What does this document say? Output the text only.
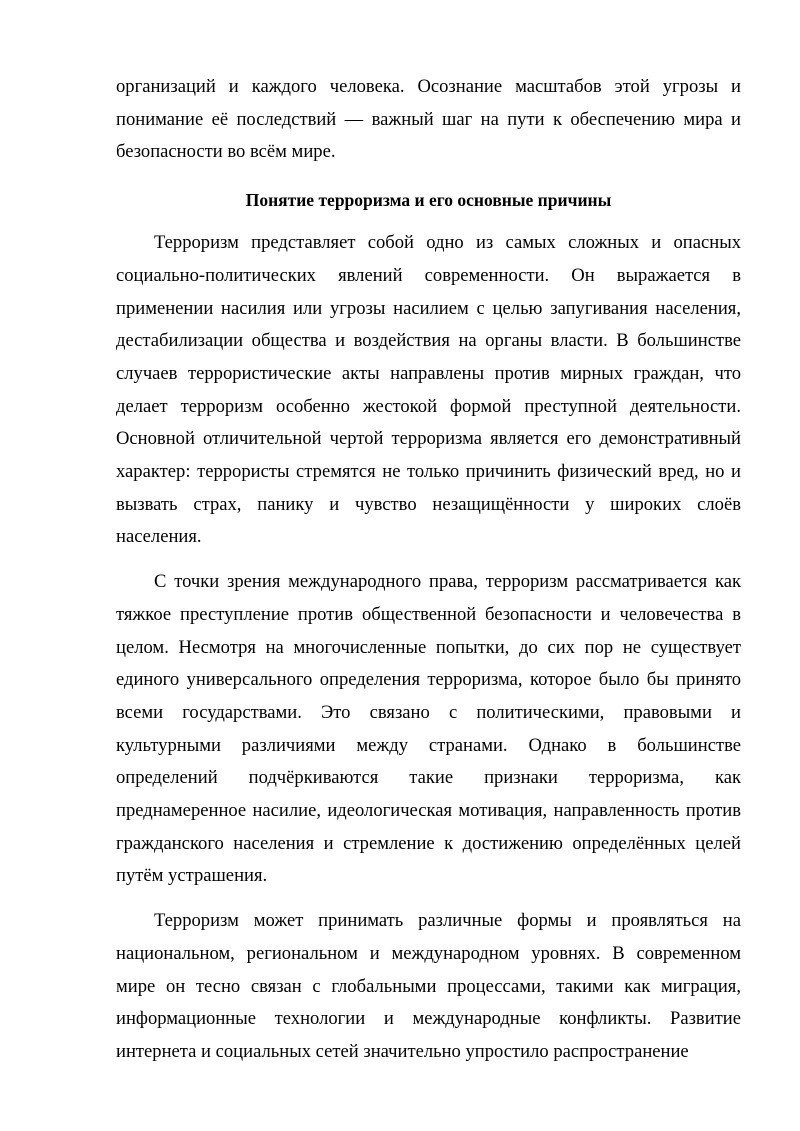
организаций и каждого человека. Осознание масштабов этой угрозы и понимание её последствий — важный шаг на пути к обеспечению мира и безопасности во всём мире.

Понятие терроризма и его основные причины

Терроризм представляет собой одно из самых сложных и опасных социально-политических явлений современности. Он выражается в применении насилия или угрозы насилием с целью запугивания населения, дестабилизации общества и воздействия на органы власти. В большинстве случаев террористические акты направлены против мирных граждан, что делает терроризм особенно жестокой формой преступной деятельности. Основной отличительной чертой терроризма является его демонстративный характер: террористы стремятся не только причинить физический вред, но и вызвать страх, панику и чувство незащищённости у широких слоёв населения.

С точки зрения международного права, терроризм рассматривается как тяжкое преступление против общественной безопасности и человечества в целом. Несмотря на многочисленные попытки, до сих пор не существует единого универсального определения терроризма, которое было бы принято всеми государствами. Это связано с политическими, правовыми и культурными различиями между странами. Однако в большинстве определений подчёркиваются такие признаки терроризма, как преднамеренное насилие, идеологическая мотивация, направленность против гражданского населения и стремление к достижению определённых целей путём устрашения.

Терроризм может принимать различные формы и проявляться на национальном, региональном и международном уровнях. В современном мире он тесно связан с глобальными процессами, такими как миграция, информационные технологии и международные конфликты. Развитие интернета и социальных сетей значительно упростило распространение
